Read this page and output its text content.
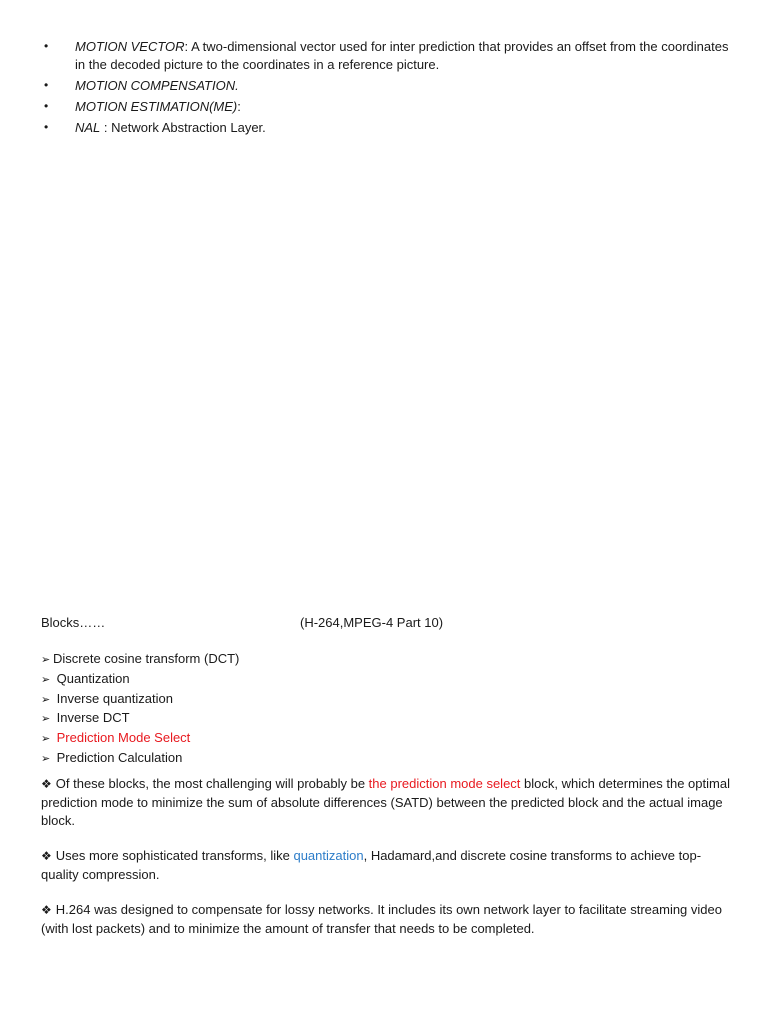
• MOTION VECTOR: A two-dimensional vector used for inter prediction that provides an offset from the coordinates in the decoded picture to the coordinates in a reference picture.
• MOTION COMPENSATION.
• MOTION ESTIMATION(ME):
• NAL : Network Abstraction Layer.
Blocks……	(H-264,MPEG-4 Part 10)
➢ Discrete cosine transform (DCT)
➢ Quantization
➢ Inverse quantization
➢ Inverse DCT
➢ Prediction Mode Select
➢ Prediction Calculation

❖ Of these blocks, the most challenging will probably be the prediction mode select block, which determines the optimal prediction mode to minimize the sum of absolute differences (SATD) between the predicted block and the actual image block.

❖ Uses more sophisticated transforms, like quantization, Hadamard,and discrete cosine transforms to achieve top-quality compression.

❖ H.264 was designed to compensate for lossy networks. It includes its own network layer to facilitate streaming video (with lost packets) and to minimize the amount of transfer that needs to be completed.
